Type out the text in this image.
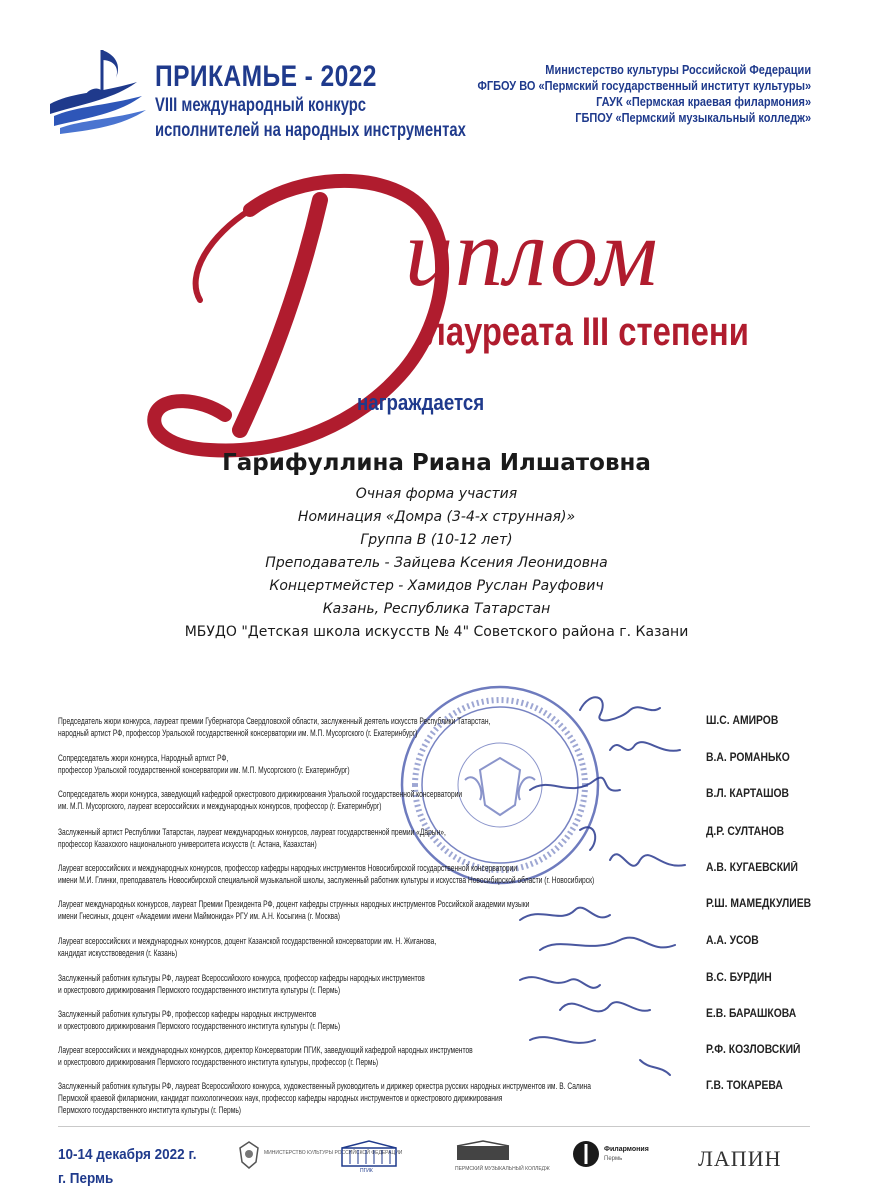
ПРИКАМЬЕ - 2022
VIII международный конкурс
исполнителей на народных инструментах
Министерство культуры Российской Федерации
ФГБОУ ВО «Пермский государственный институт культуры»
ГАУК «Пермская краевая филармония»
ГБПОУ «Пермский музыкальный колледж»
Д
иплом
лауреата III степени
награждается
Гарифуллина Риана Илшатовна
Очная форма участия
Номинация «Домра (3-4-х струнная)»
Группа В (10-12 лет)
Преподаватель - Зайцева Ксения Леонидовна
Концертмейстер - Хамидов Руслан Рауфович
Казань, Республика Татарстан
МБУДО "Детская школа искусств № 4" Советского района г. Казани
Председатель жюри конкурса, лауреат премии Губернатора Свердловской области, заслуженный деятель искусств Республики Татарстан,
народный артист РФ, профессор Уральской государственной консерватории им. М.П. Мусоргского (г. Екатеринбург)
Ш.С. АМИРОВ
Сопредседатель жюри конкурса, Народный артист РФ,
профессор Уральской государственной консерватории им. М.П. Мусоргского (г. Екатеринбург)
В.А. РОМАНЬКО
Сопредседатель жюри конкурса, заведующий кафедрой оркестрового дирижирования Уральской государственной консерватории
им. М.П. Мусоргского, лауреат всероссийских и международных конкурсов, профессор (г. Екатеринбург)
В.Л. КАРТАШОВ
Заслуженный артист Республики Татарстан, лауреат международных конкурсов, лауреат государственной премии «Дарын»,
профессор Казахского национального университета искусств (г. Астана, Казахстан)
Д.Р. СУЛТАНОВ
Лауреат всероссийских и международных конкурсов, профессор кафедры народных инструментов Новосибирской государственной консерватории
имени М.И. Глинки, преподаватель Новосибирской специальной музыкальной школы, заслуженный работник культуры и искусства Новосибирской области (г. Новосибирск)
А.В. КУГАЕВСКИЙ
Лауреат международных конкурсов, лауреат Премии Президента РФ, доцент кафедры струнных народных инструментов Российской академии музыки
имени Гнесиных, доцент «Академии имени Маймонида» РГУ им. А.Н. Косыгина (г. Москва)
Р.Ш. МАМЕДКУЛИЕВ
Лауреат всероссийских и международных конкурсов, доцент Казанской государственной консерватории им. Н. Жиганова,
кандидат искусствоведения (г. Казань)
А.А. УСОВ
Заслуженный работник культуры РФ, лауреат Всероссийского конкурса, профессор кафедры народных инструментов
и оркестрового дирижирования Пермского государственного института культуры (г. Пермь)
В.С. БУРДИН
Заслуженный работник культуры РФ, профессор кафедры народных инструментов
и оркестрового дирижирования Пермского государственного института культуры (г. Пермь)
Е.В. БАРАШКОВА
Лауреат всероссийских и международных конкурсов, директор Консерватории ПГИК, заведующий кафедрой народных инструментов
и оркестрового дирижирования Пермского государственного института культуры, профессор (г. Пермь)
Р.Ф. КОЗЛОВСКИЙ
Заслуженный работник культуры РФ, лауреат Всероссийского конкурса, художественный руководитель и дирижер оркестра русских народных инструментов им. В. Салина
Пермской краевой филармонии, кандидат психологических наук, профессор кафедры народных инструментов и оркестрового дирижирования
Пермского государственного института культуры (г. Пермь)
Г.В. ТОКАРЕВА
10-14 декабря 2022 г.
г. Пермь
МИНИСТЕРСТВО КУЛЬТУРЫ РОССИЙСКОЙ ФЕДЕРАЦИИ
ПГИК	ПЕРМСКИЙ МУЗЫКАЛЬНЫЙ КОЛЛЕДЖ
Филармония
Пермь	ЛАПИН
